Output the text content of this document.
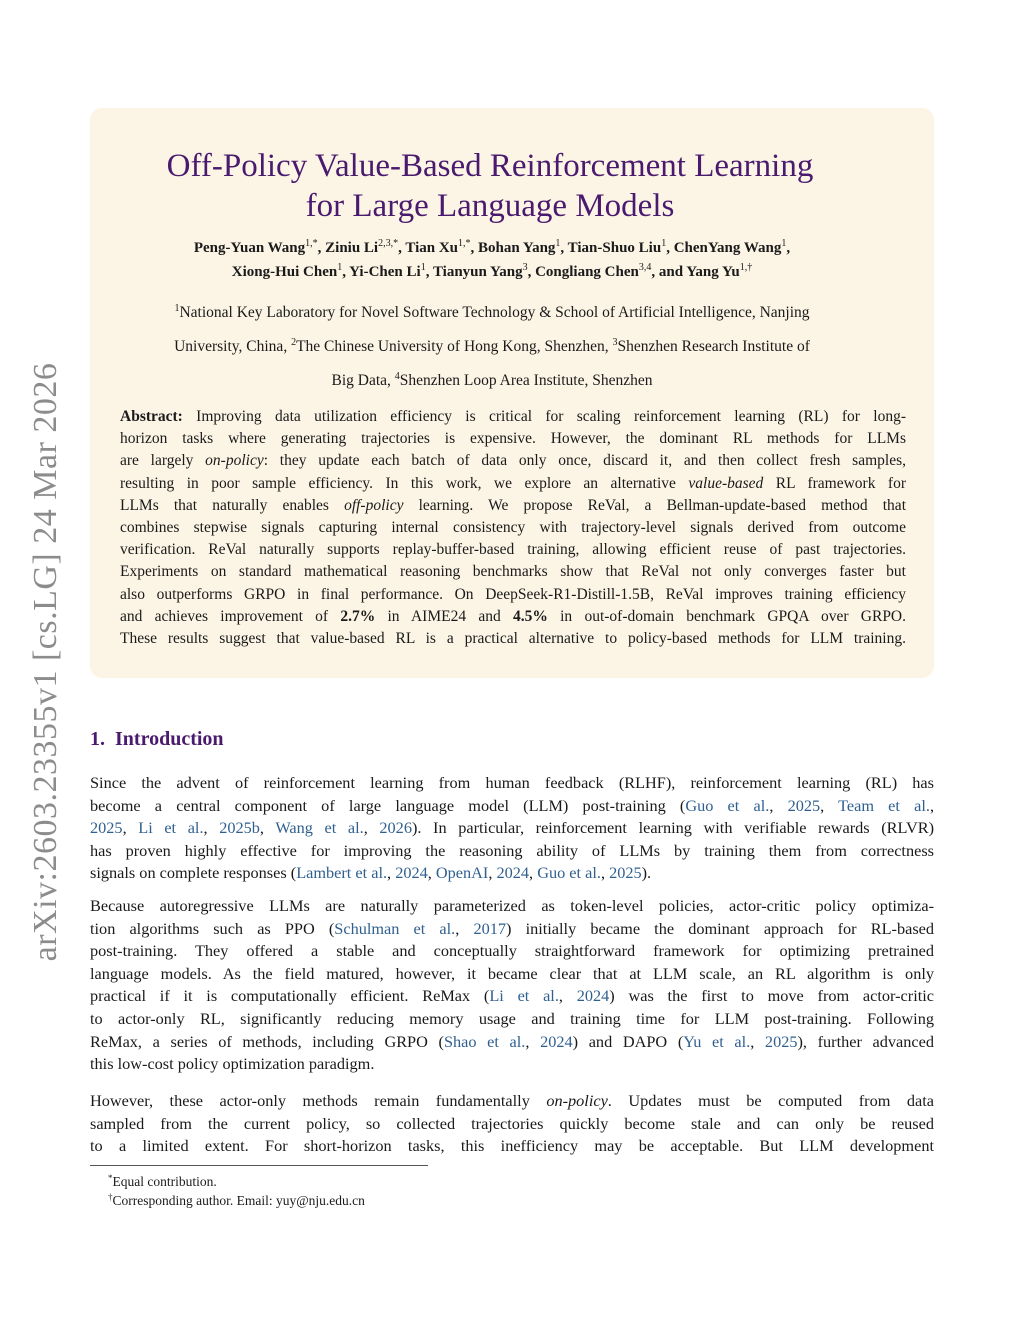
arXiv:2603.23355v1 [cs.LG] 24 Mar 2026
Off-Policy Value-Based Reinforcement Learning
for Large Language Models
Peng-Yuan Wang$^{1,*}$, Ziniu $Li^{2,3,*}$, Tian $Xu^{1,*}$, Bohan Yang$^1$, Tian-Shuo Liu$^1$, ChenYang Wang$^1$,
Xiong-Hui Chen$^1$, Yi-Chen Li$^1$, Tianyun Yang$^3$, Congliang Chen$^{3,4}$, and Yang $Yu^{1,\dagger}$
$^1$National Key Laboratory for Novel Software Technology & School of Artificial Intelligence, Nanjing
University, China, $^2$The Chinese University of Hong Kong, Shenzhen, $^3$Shenzhen Research Institute of
Big Data, $^4$Shenzhen Loop Area Institute, Shenzhen
Abstract: Improving data utilization efficiency is critical for scaling reinforcement learning (RL) for long-
horizon tasks where generating trajectories is expensive. However, the dominant RL methods for LLMs
are largely on-policy: they update each batch of data only once, discard it, and then collect fresh samples,
resulting in poor sample efficiency. In this work, we explore an alternative value-based RL framework for
LLMs that naturally enables off-policy learning. We propose ReVal, a Bellman-update-based method that
combines stepwise signals capturing internal consistency with trajectory-level signals derived from outcome
verification. ReVal naturally supports replay-buffer-based training, allowing efficient reuse of past trajectories.
Experiments on standard mathematical reasoning benchmarks show that ReVal not only converges faster but
also outperforms GRPO in final performance. On DeepSeek-R1-Distill-1.5B, ReVal improves training efficiency
and achieves improvement of 2.7% in AIME24 and 4.5% in out-of-domain benchmark GPQA over GRPO.
These results suggest that value-based RL is a practical alternative to policy-based methods for LLM training.
1. Introduction
Since the advent of reinforcement learning from human feedback (RLHF), reinforcement learning (RL) has
become a central component of large language model (LLM) post-training (Guo et al., 2025, Team et al.,
2025, Li et al., 2025b, Wang et al., 2026). In particular, reinforcement learning with verifiable rewards (RLVR)
has proven highly effective for improving the reasoning ability of LLMs by training them from correctness
signals on complete responses (Lambert et al., 2024, OpenAI, 2024, Guo et al., 2025).
Because autoregressive LLMs are naturally parameterized as token-level policies, actor-critic policy optimiza-
tion algorithms such as PPO (Schulman et al., 2017) initially became the dominant approach for RL-based
post-training. They offered a stable and conceptually straightforward framework for optimizing pretrained
language models. As the field matured, however, it became clear that at LLM scale, an RL algorithm is only
practical if it is computationally efficient. ReMax (Li et al., 2024) was the first to move from actor-critic
to actor-only RL, significantly reducing memory usage and training time for LLM post-training. Following
ReMax, a series of methods, including GRPO (Shao et al., 2024) and DAPO (Yu et al., 2025), further advanced
this low-cost policy optimization paradigm.
However, these actor-only methods remain fundamentally on-policy. Updates must be computed from data
sampled from the current policy, so collected trajectories quickly become stale and can only be reused
to a limited extent. For short-horizon tasks, this inefficiency may be acceptable. But LLM development
*Equal contribution.
†Corresponding author. Email: yuy@nju.edu.cn
